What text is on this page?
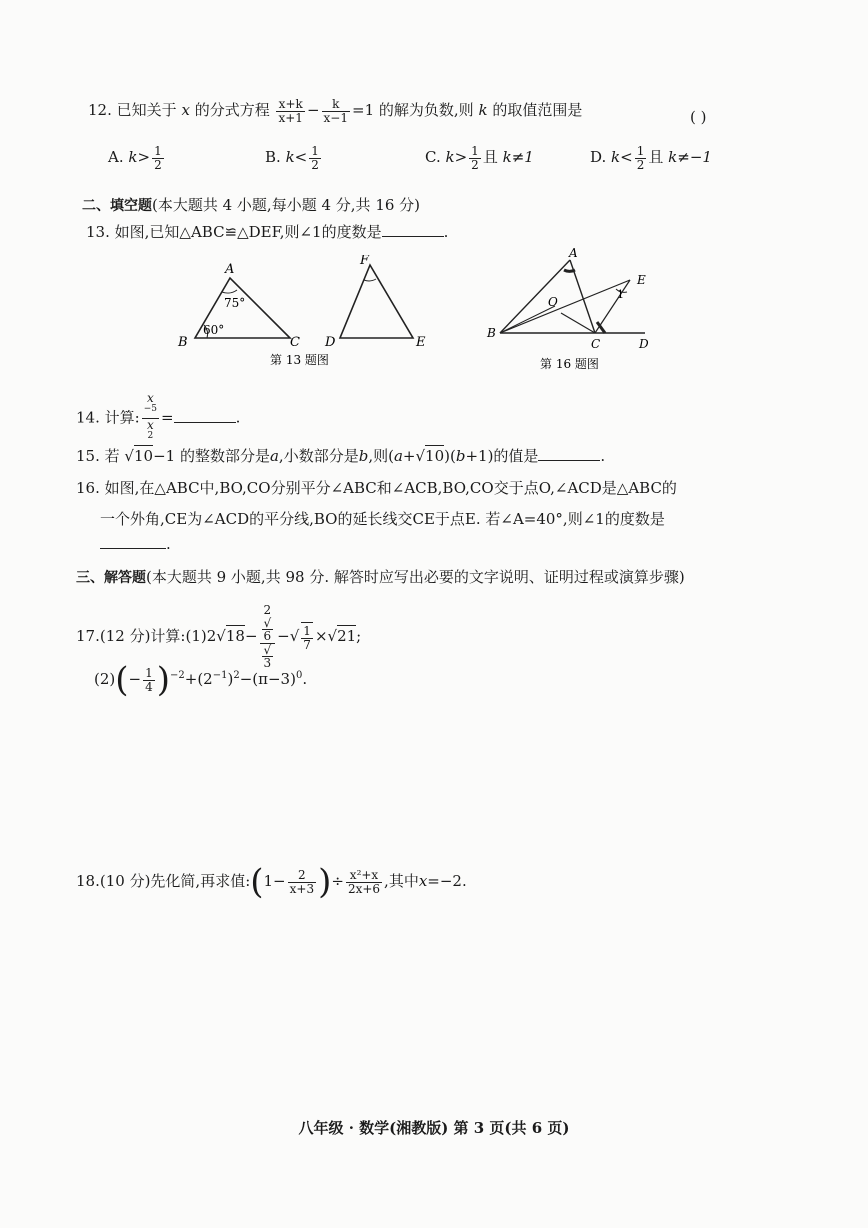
12. 已知关于 x 的分式方程 $\frac{x+k}{x+1} - \frac{k}{x-1} =1$ 的解为负数,则 k 的取值范围是	( )
A. $k> \frac{1}{2}$	B. $k< \frac{1}{2}$	C. $k> \frac{1}{2}$ 且 k≠1	D. $k< \frac{1}{2}$ 且 k≠−1
二、填空题(本大题共 4 小题,每小题 4 分,共 16 分)
13. 如图,已知△ABC≌△DEF,则∠1的度数是	.
A
B	C
75°
60°
F
D	E
第 13 题图
A
B
C	D
E
O
1
第 16 题图
14. 计算: x
$^{-5}$
x
$^2$ =	.
15. 若 √10−1 的整数部分是a,小数部分是b,则(a+√10)(b+1)的值是	.
16. 如图,在△ABC中,BO,CO分别平分∠ABC和∠ACB,BO,CO交于点O,∠ACD是△ABC的
一个外角,CE为∠ACD的平分线,BO的延长线交CE于点E. 若∠A=40°,则∠1的度数是
.
三、解答题(本大题共 9 小题,共 98 分. 解答时应写出必要的文字说明、证明过程或演算步骤)
17.(12 分)计算:(1)2√18− 2
√
6
√
3 −√ $\frac{1}{7} \times√21$;
$(2)(- \frac{1}{4} )^{-2}+(2^{-1})^2-(\pi-3)^0$.
18.(10 分)先化简,再求值:(1− $\frac{2}{x+3}$ )÷ $\frac{\text{x²+x}}{2x+6}$ ,其中x=−2.
八年级 · 数学(湘教版) 第 3 页(共 6 页)
